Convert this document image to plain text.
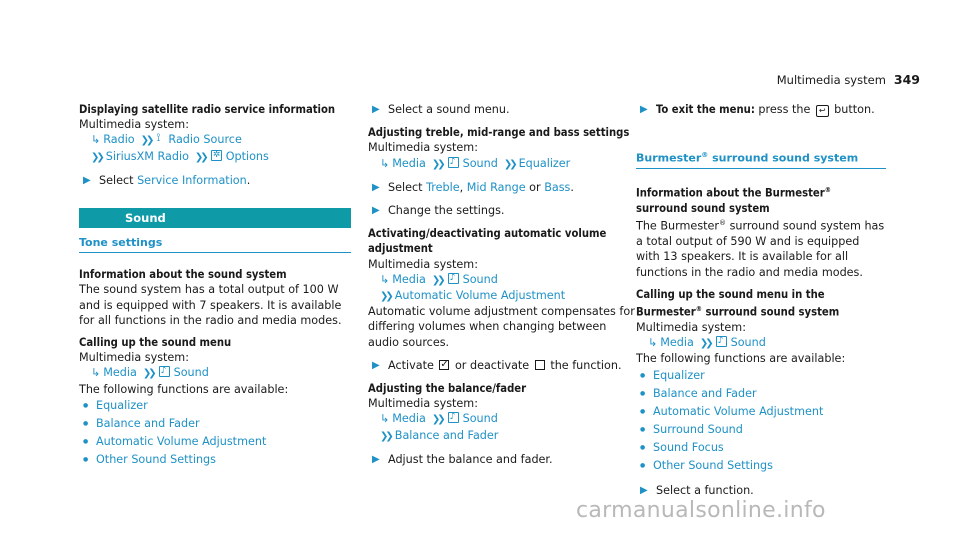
Multimedia system 349
Displaying satellite radio service information
Multimedia system:
↳ Radio ❯❯ ⟟ Radio Source
❯❯ SiriusXM Radio ❯❯ ✲ Options
▶ Select Service Information.
Sound
Tone settings
Information about the sound system
The sound system has a total output of 100 W and is equipped with 7 speakers. It is available for all functions in the radio and media modes.
Calling up the sound menu
Multimedia system:
↳ Media ❯❯ ♪ Sound
The following functions are available:
● Equalizer
● Balance and Fader
● Automatic Volume Adjustment
● Other Sound Settings
▶ Select a sound menu.
Adjusting treble, mid-range and bass settings
Multimedia system:
↳ Media ❯❯ ♪ Sound ❯❯ Equalizer
▶ Select Treble, Mid Range or Bass.
▶ Change the settings.
Activating/deactivating automatic volume adjustment
Multimedia system:
↳ Media ❯❯ ♪ Sound
❯❯ Automatic Volume Adjustment
Automatic volume adjustment compensates for differing volumes when changing between audio sources.
▶ Activate ✓ or deactivate  the function.
Adjusting the balance/fader
Multimedia system:
↳ Media ❯❯ ♪ Sound
❯❯ Balance and Fader
▶ Adjust the balance and fader.
▶ To exit the menu: press the ↩ button.
Burmester® surround sound system
Information about the Burmester® surround sound system
The Burmester® surround sound system has a total output of 590 W and is equipped with 13 speakers. It is available for all functions in the radio and media modes.
Calling up the sound menu in the Burmester® surround sound system
Multimedia system:
↳ Media ❯❯ ♪ Sound
The following functions are available:
● Equalizer
● Balance and Fader
● Automatic Volume Adjustment
● Surround Sound
● Sound Focus
● Other Sound Settings
▶ Select a function.
carmanualsonline.info
